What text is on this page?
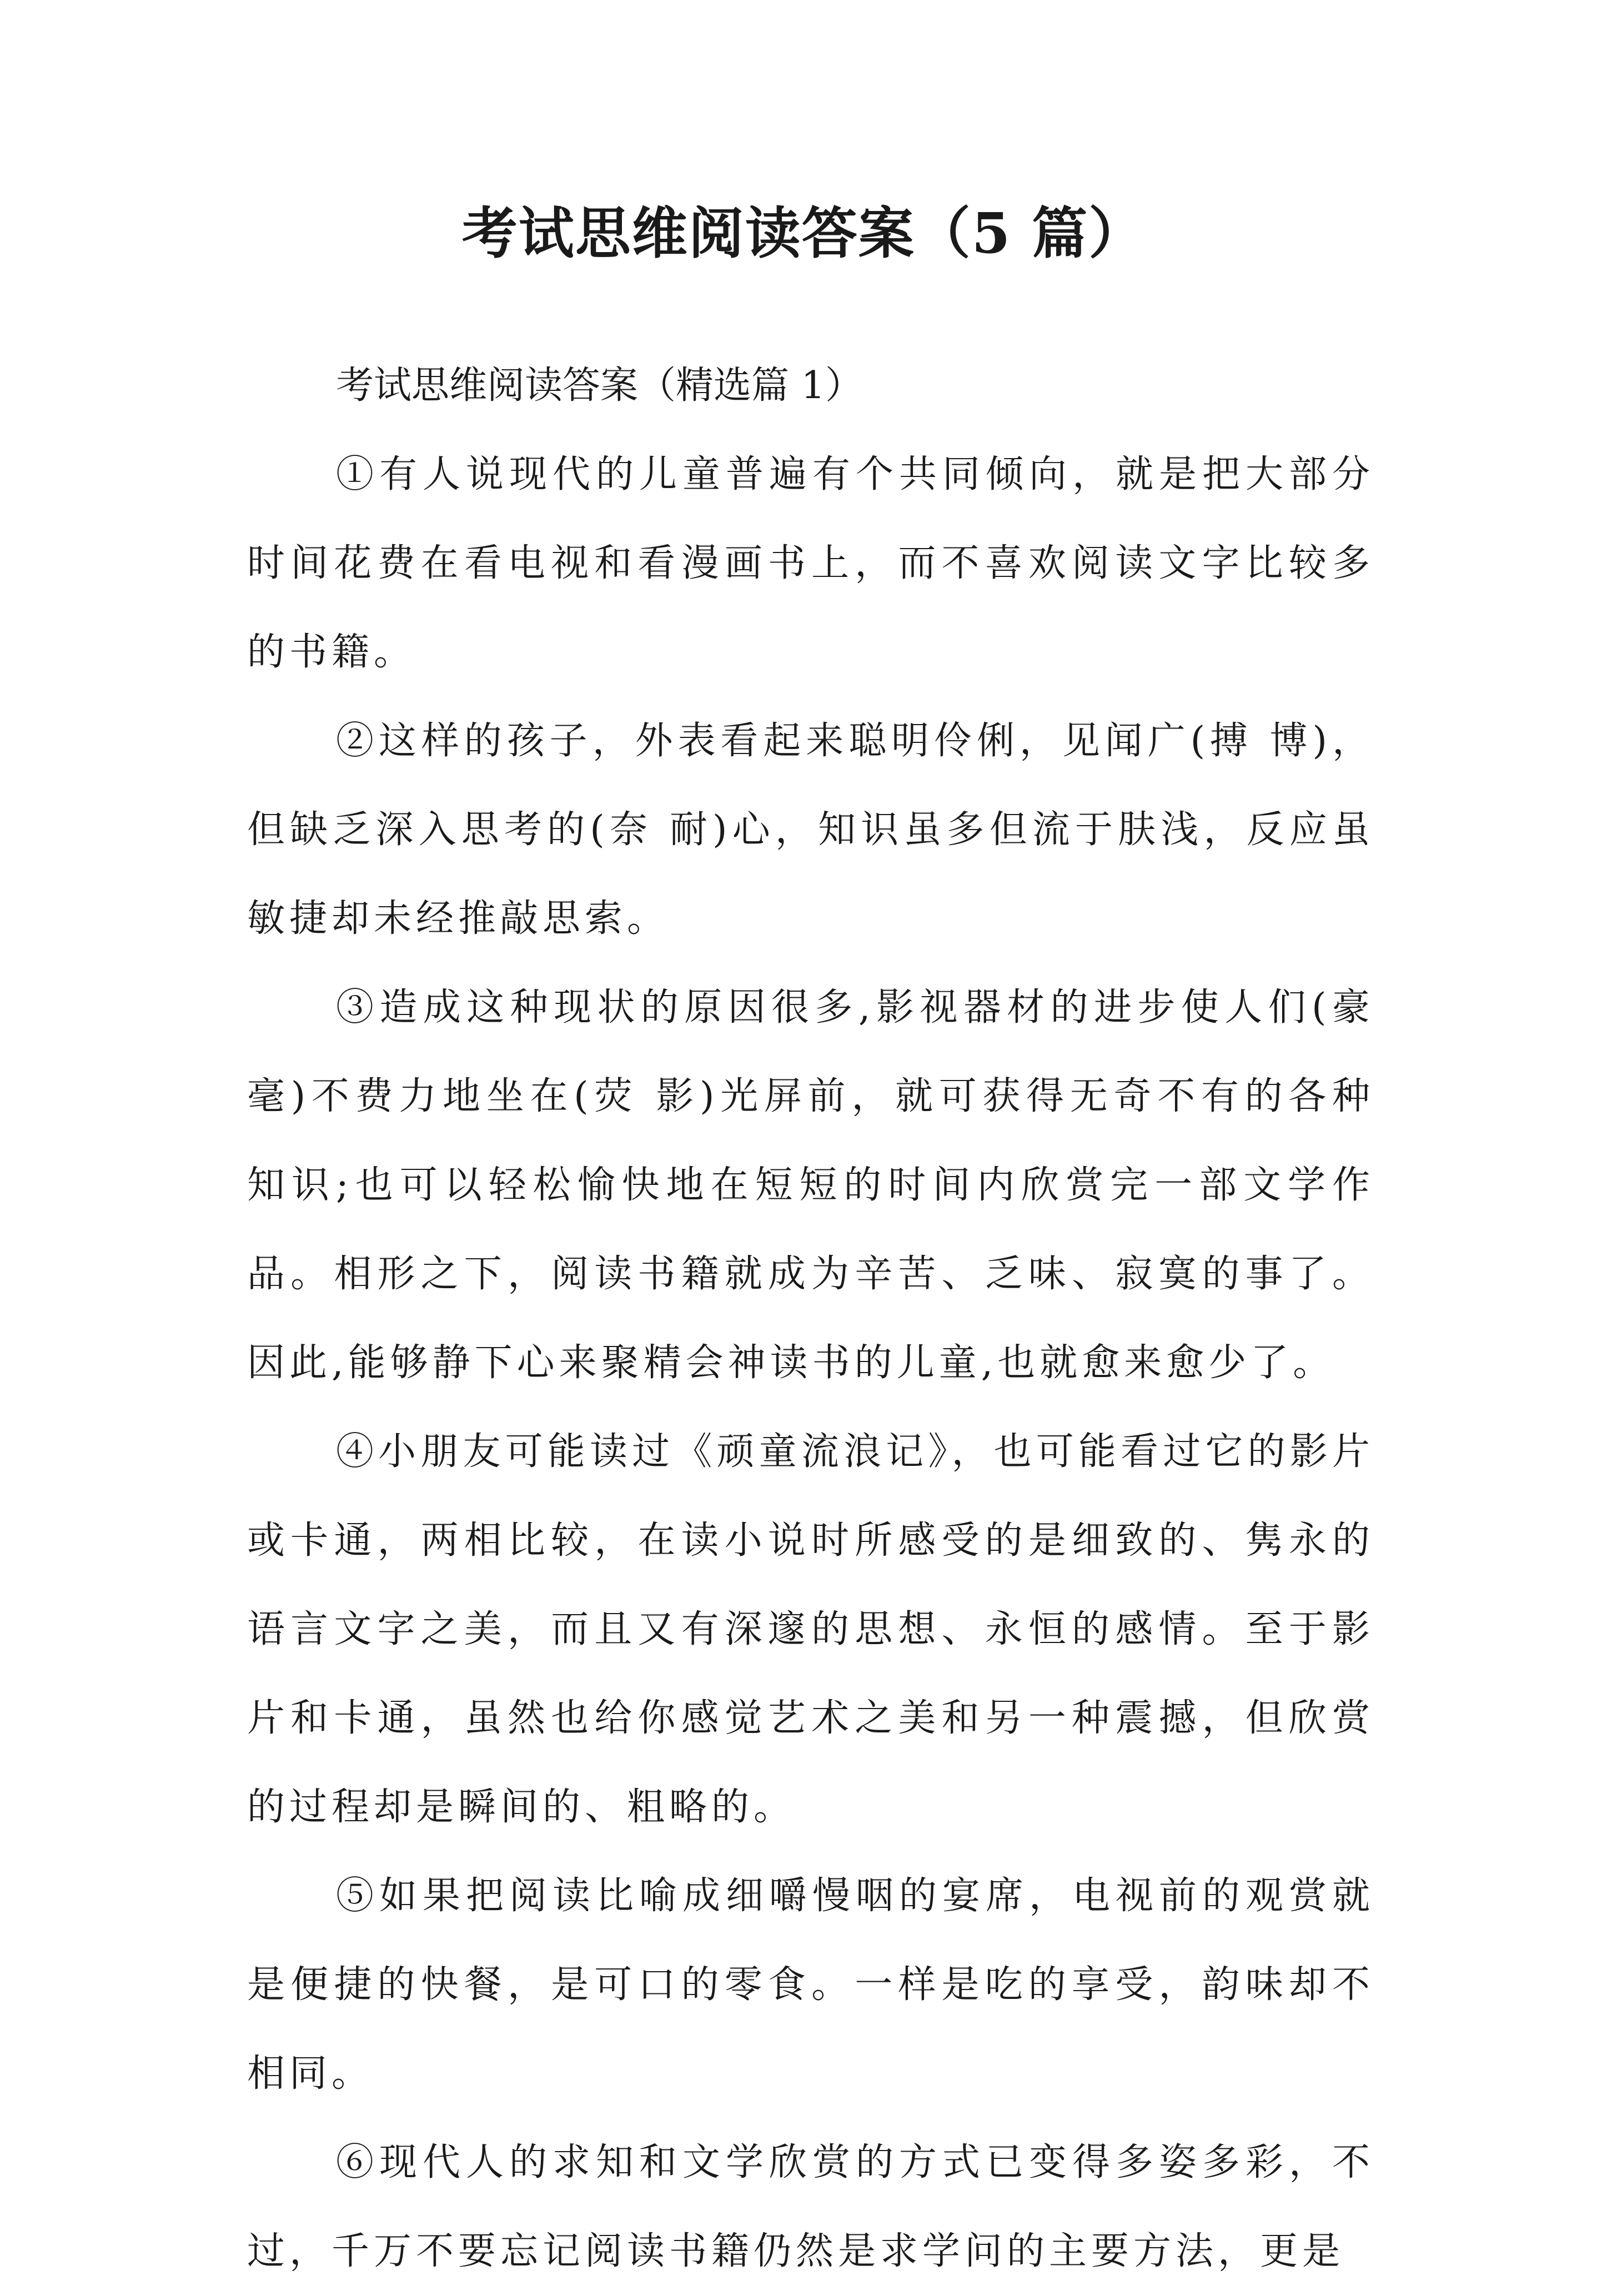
考试思维阅读答案（5 篇）

考试思维阅读答案（精选篇 1）

①有人说现代的儿童普遍有个共同倾向，就是把大部分时间花费在看电视和看漫画书上，而不喜欢阅读文字比较多的书籍。

②这样的孩子，外表看起来聪明伶俐，见闻广(搏 博)，但缺乏深入思考的(奈 耐)心，知识虽多但流于肤浅，反应虽敏捷却未经推敲思索。

③造成这种现状的原因很多,影视器材的进步使人们(豪毫)不费力地坐在(荧 影)光屏前，就可获得无奇不有的各种知识;也可以轻松愉快地在短短的时间内欣赏完一部文学作品。相形之下，阅读书籍就成为辛苦、乏味、寂寞的事了。因此,能够静下心来聚精会神读书的儿童,也就愈来愈少了。

④小朋友可能读过《顽童流浪记》，也可能看过它的影片或卡通，两相比较，在读小说时所感受的是细致的、隽永的语言文字之美，而且又有深邃的思想、永恒的感情。至于影片和卡通，虽然也给你感觉艺术之美和另一种震撼，但欣赏的过程却是瞬间的、粗略的。

⑤如果把阅读比喻成细嚼慢咽的宴席，电视前的观赏就是便捷的快餐，是可口的零食。一样是吃的享受，韵味却不相同。

⑥现代人的求知和文学欣赏的方式已变得多姿多彩，不过，千万不要忘记阅读书籍仍然是求学问的主要方法，更是
